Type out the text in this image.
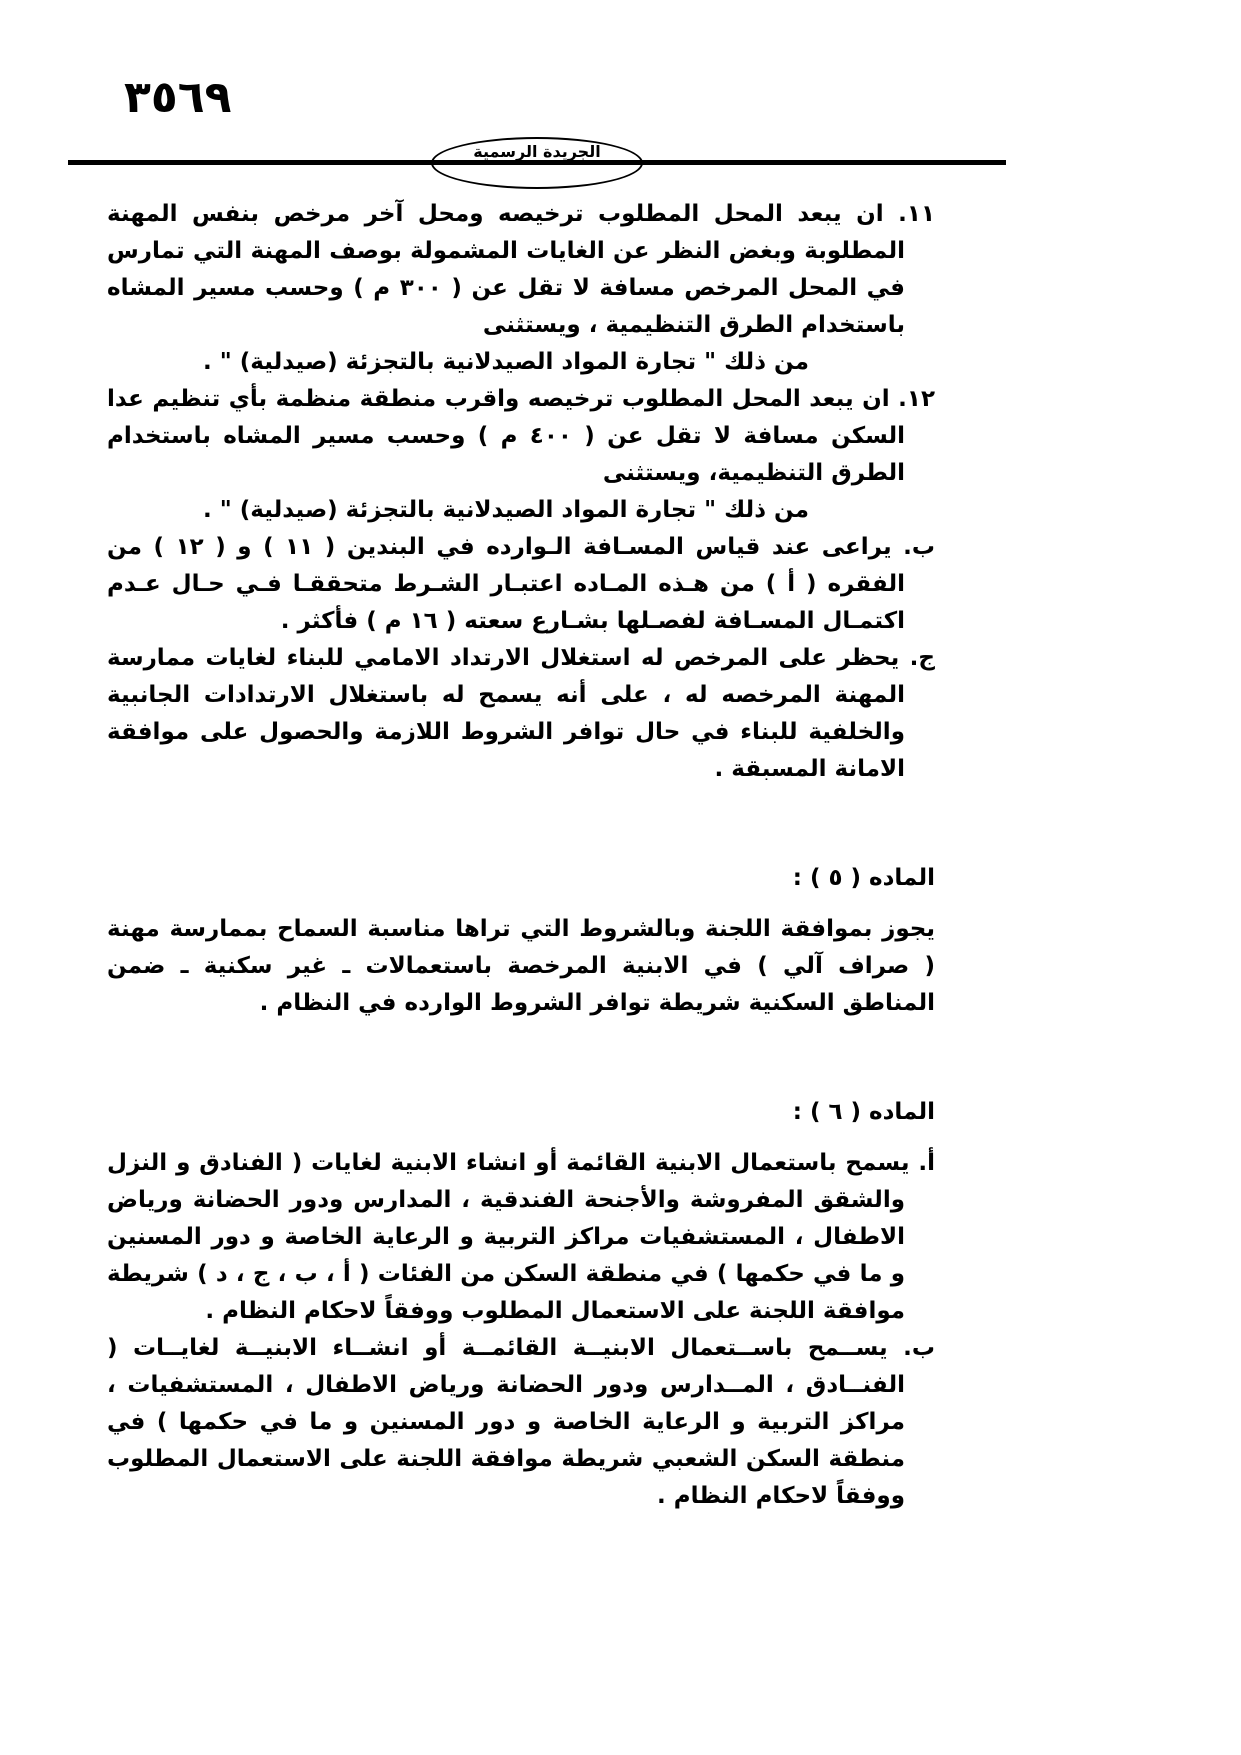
٣٥٦٩
الجريدة الرسمية
١١. ان يبعد المحل المطلوب ترخيصه ومحل آخر مرخص بنفس المهنة المطلوبة وبغض النظر عن الغايات المشمولة بوصف المهنة التي تمارس في المحل المرخص مسافة لا تقل عن ( ٣٠٠ م ) وحسب مسير المشاه باستخدام الطرق التنظيمية ، ويستثنى
من ذلك " تجارة المواد الصيدلانية بالتجزئة (صيدلية) " .
١٢. ان يبعد المحل المطلوب ترخيصه واقرب منطقة منظمة بأي تنظيم عدا السكن مسافة لا تقل عن ( ٤٠٠ م ) وحسب مسير المشاه باستخدام الطرق التنظيمية، ويستثنى
من ذلك " تجارة المواد الصيدلانية بالتجزئة (صيدلية) " .
ب. يراعى عند قياس المسـافة الـوارده في البندين ( ١١ ) و ( ١٢ ) من الفقره ( أ ) من هـذه المـاده اعتبـار الشـرط متحققـا فـي حـال عـدم اكتمـال المسـافة لفصـلها بشـارع سعته ( ١٦ م ) فأكثر .
ج. يحظر على المرخص له استغلال الارتداد الامامي للبناء لغايات ممارسة المهنة المرخصه له ، على أنه يسمح له باستغلال الارتدادات الجانبية والخلفية للبناء في حال توافر الشروط اللازمة والحصول على موافقة الامانة المسبقة .
الماده ( ٥ ) :
يجوز بموافقة اللجنة وبالشروط التي تراها مناسبة السماح بممارسة مهنة ( صراف آلي ) في الابنية المرخصة باستعمالات ـ غير سكنية ـ ضمن المناطق السكنية شريطة توافر الشروط الوارده في النظام .
الماده ( ٦ ) :
أ. يسمح باستعمال الابنية القائمة أو انشاء الابنية لغايات ( الفنادق و النزل والشقق المفروشة والأجنحة الفندقية ، المدارس ودور الحضانة ورياض الاطفال ، المستشفيات مراكز التربية و الرعاية الخاصة و دور المسنين و ما في حكمها ) في منطقة السكن من الفئات ( أ ، ب ، ج ، د ) شريطة موافقة اللجنة على الاستعمال المطلوب ووفقاً لاحكام النظام .
ب. يســمح باســتعمال الابنيــة القائمــة أو انشــاء الابنيــة لغايــات ( الفنــادق ، المــدارس ودور الحضانة ورياض الاطفال ، المستشفيات ، مراكز التربية و الرعاية الخاصة و دور المسنين و ما في حكمها ) في منطقة السكن الشعبي شريطة موافقة اللجنة على الاستعمال المطلوب ووفقاً لاحكام النظام .
